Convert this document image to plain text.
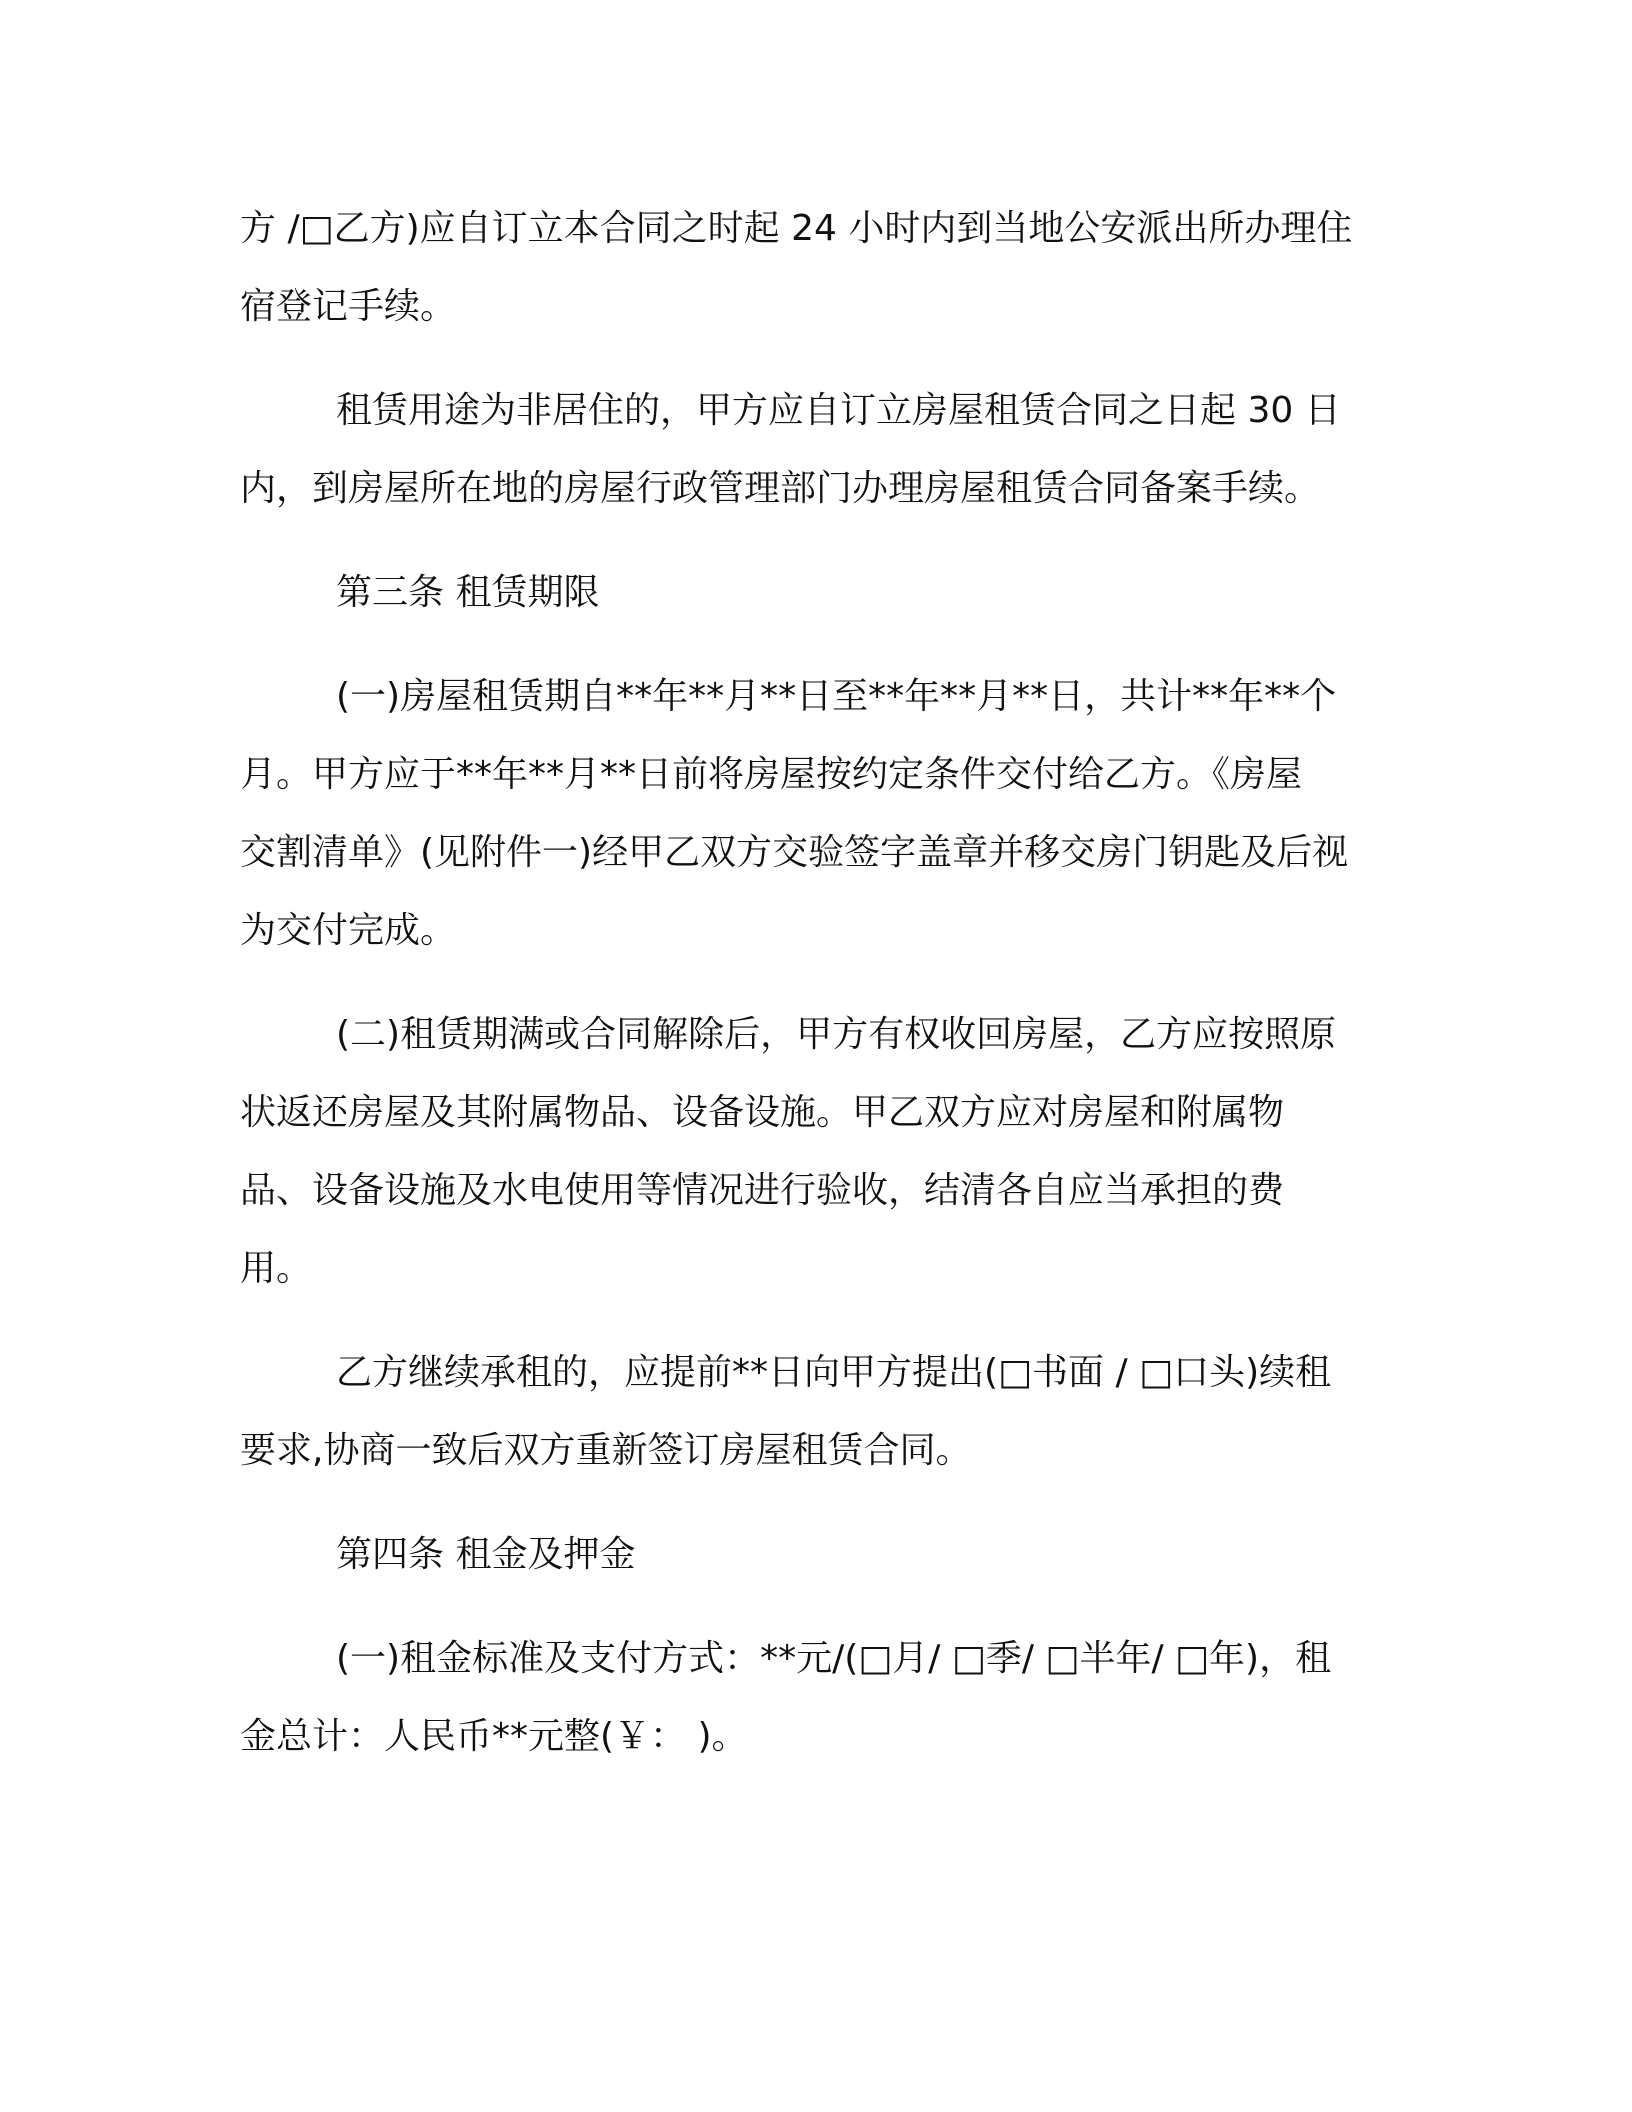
方 /□乙方)应自订立本合同之时起 24 小时内到当地公安派出所办理住
宿登记手续。

租赁用途为非居住的，甲方应自订立房屋租赁合同之日起 30 日
内，到房屋所在地的房屋行政管理部门办理房屋租赁合同备案手续。

第三条 租赁期限

(一)房屋租赁期自**年**月**日至**年**月**日，共计**年**个
月。甲方应于**年**月**日前将房屋按约定条件交付给乙方。《房屋
交割清单》(见附件一)经甲乙双方交验签字盖章并移交房门钥匙及后视
为交付完成。

(二)租赁期满或合同解除后，甲方有权收回房屋，乙方应按照原
状返还房屋及其附属物品、设备设施。甲乙双方应对房屋和附属物
品、设备设施及水电使用等情况进行验收，结清各自应当承担的费
用。

乙方继续承租的，应提前**日向甲方提出(□书面 / □口头)续租
要求,协商一致后双方重新签订房屋租赁合同。

第四条 租金及押金

(一)租金标准及支付方式：**元/(□月/ □季/ □半年/ □年)，租
金总计：人民币**元整(￥： )。
